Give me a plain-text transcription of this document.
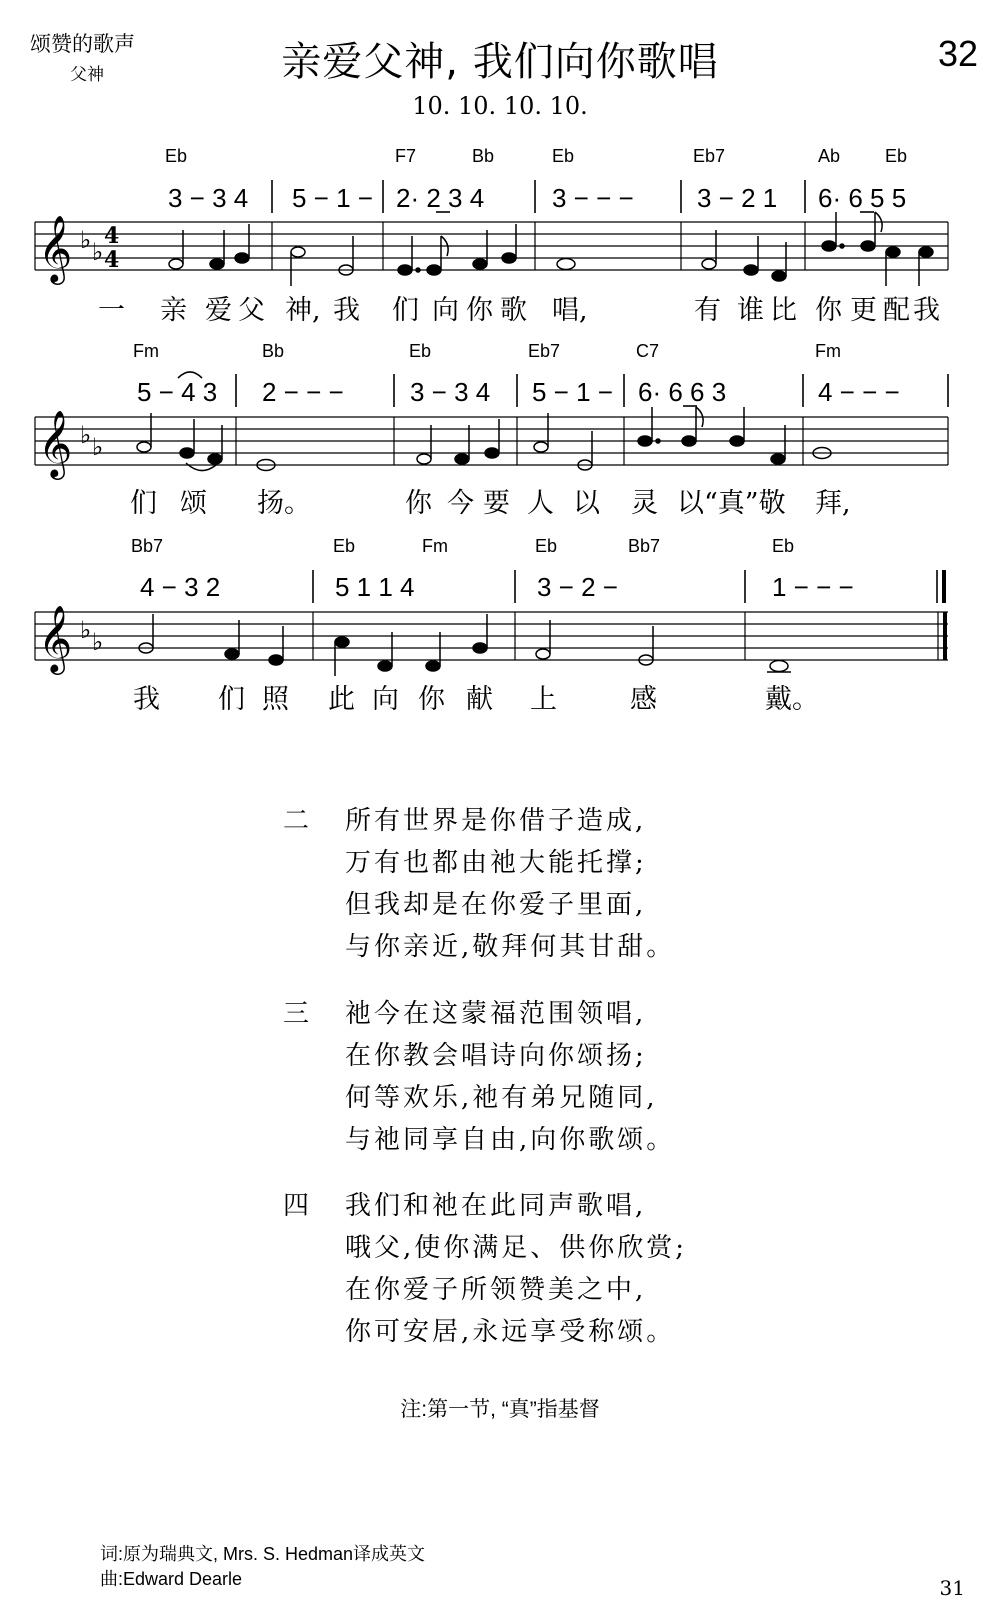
颂赞的歌声
父神	亲爱父神, 我们向你歌唱	32
10. 10. 10. 10.
Eb	F7	Bb	Eb	Eb7	Ab Eb
3 − 3 4 5 − 1 − 2· 2 3 4	3 − − − 3 − 2 1 6· 6 5 5
𝄞 ♭ ♭
4
4
一 亲 爱 父 神, 我 们 向 你 歌 唱,	有 谁 比 你 更 配 我
Fm	Bb	Eb	Eb7	C7	Fm
5 − 4 3 2 − − −	3 − 3 4 5 − 1 − 6· 6 6 3	4 − − −
𝄞 ♭ ♭
们 颂 扬。	你 今 要 人 以 灵 以“真”敬 拜,
Bb7	Eb	Fm	Eb	Bb7	Eb
4 − 3 2	5 1 1 4	3 − 2 −	1 − − −
𝄞 ♭ ♭
我 们 照 此 向 你 献 上	感	戴。
二	所有世界是你借子造成,
万有也都由祂大能托撑;
但我却是在你爱子里面,
与你亲近,敬拜何其甘甜。
三	祂今在这蒙福范围领唱,
在你教会唱诗向你颂扬;
何等欢乐,祂有弟兄随同,
与祂同享自由,向你歌颂。
四	我们和祂在此同声歌唱,
哦父,使你满足、供你欣赏;
在你爱子所领赞美之中,
你可安居,永远享受称颂。
注:第一节, “真”指基督
词:原为瑞典文, Mrs. S. Hedman译成英文
曲:Edward Dearle	31
